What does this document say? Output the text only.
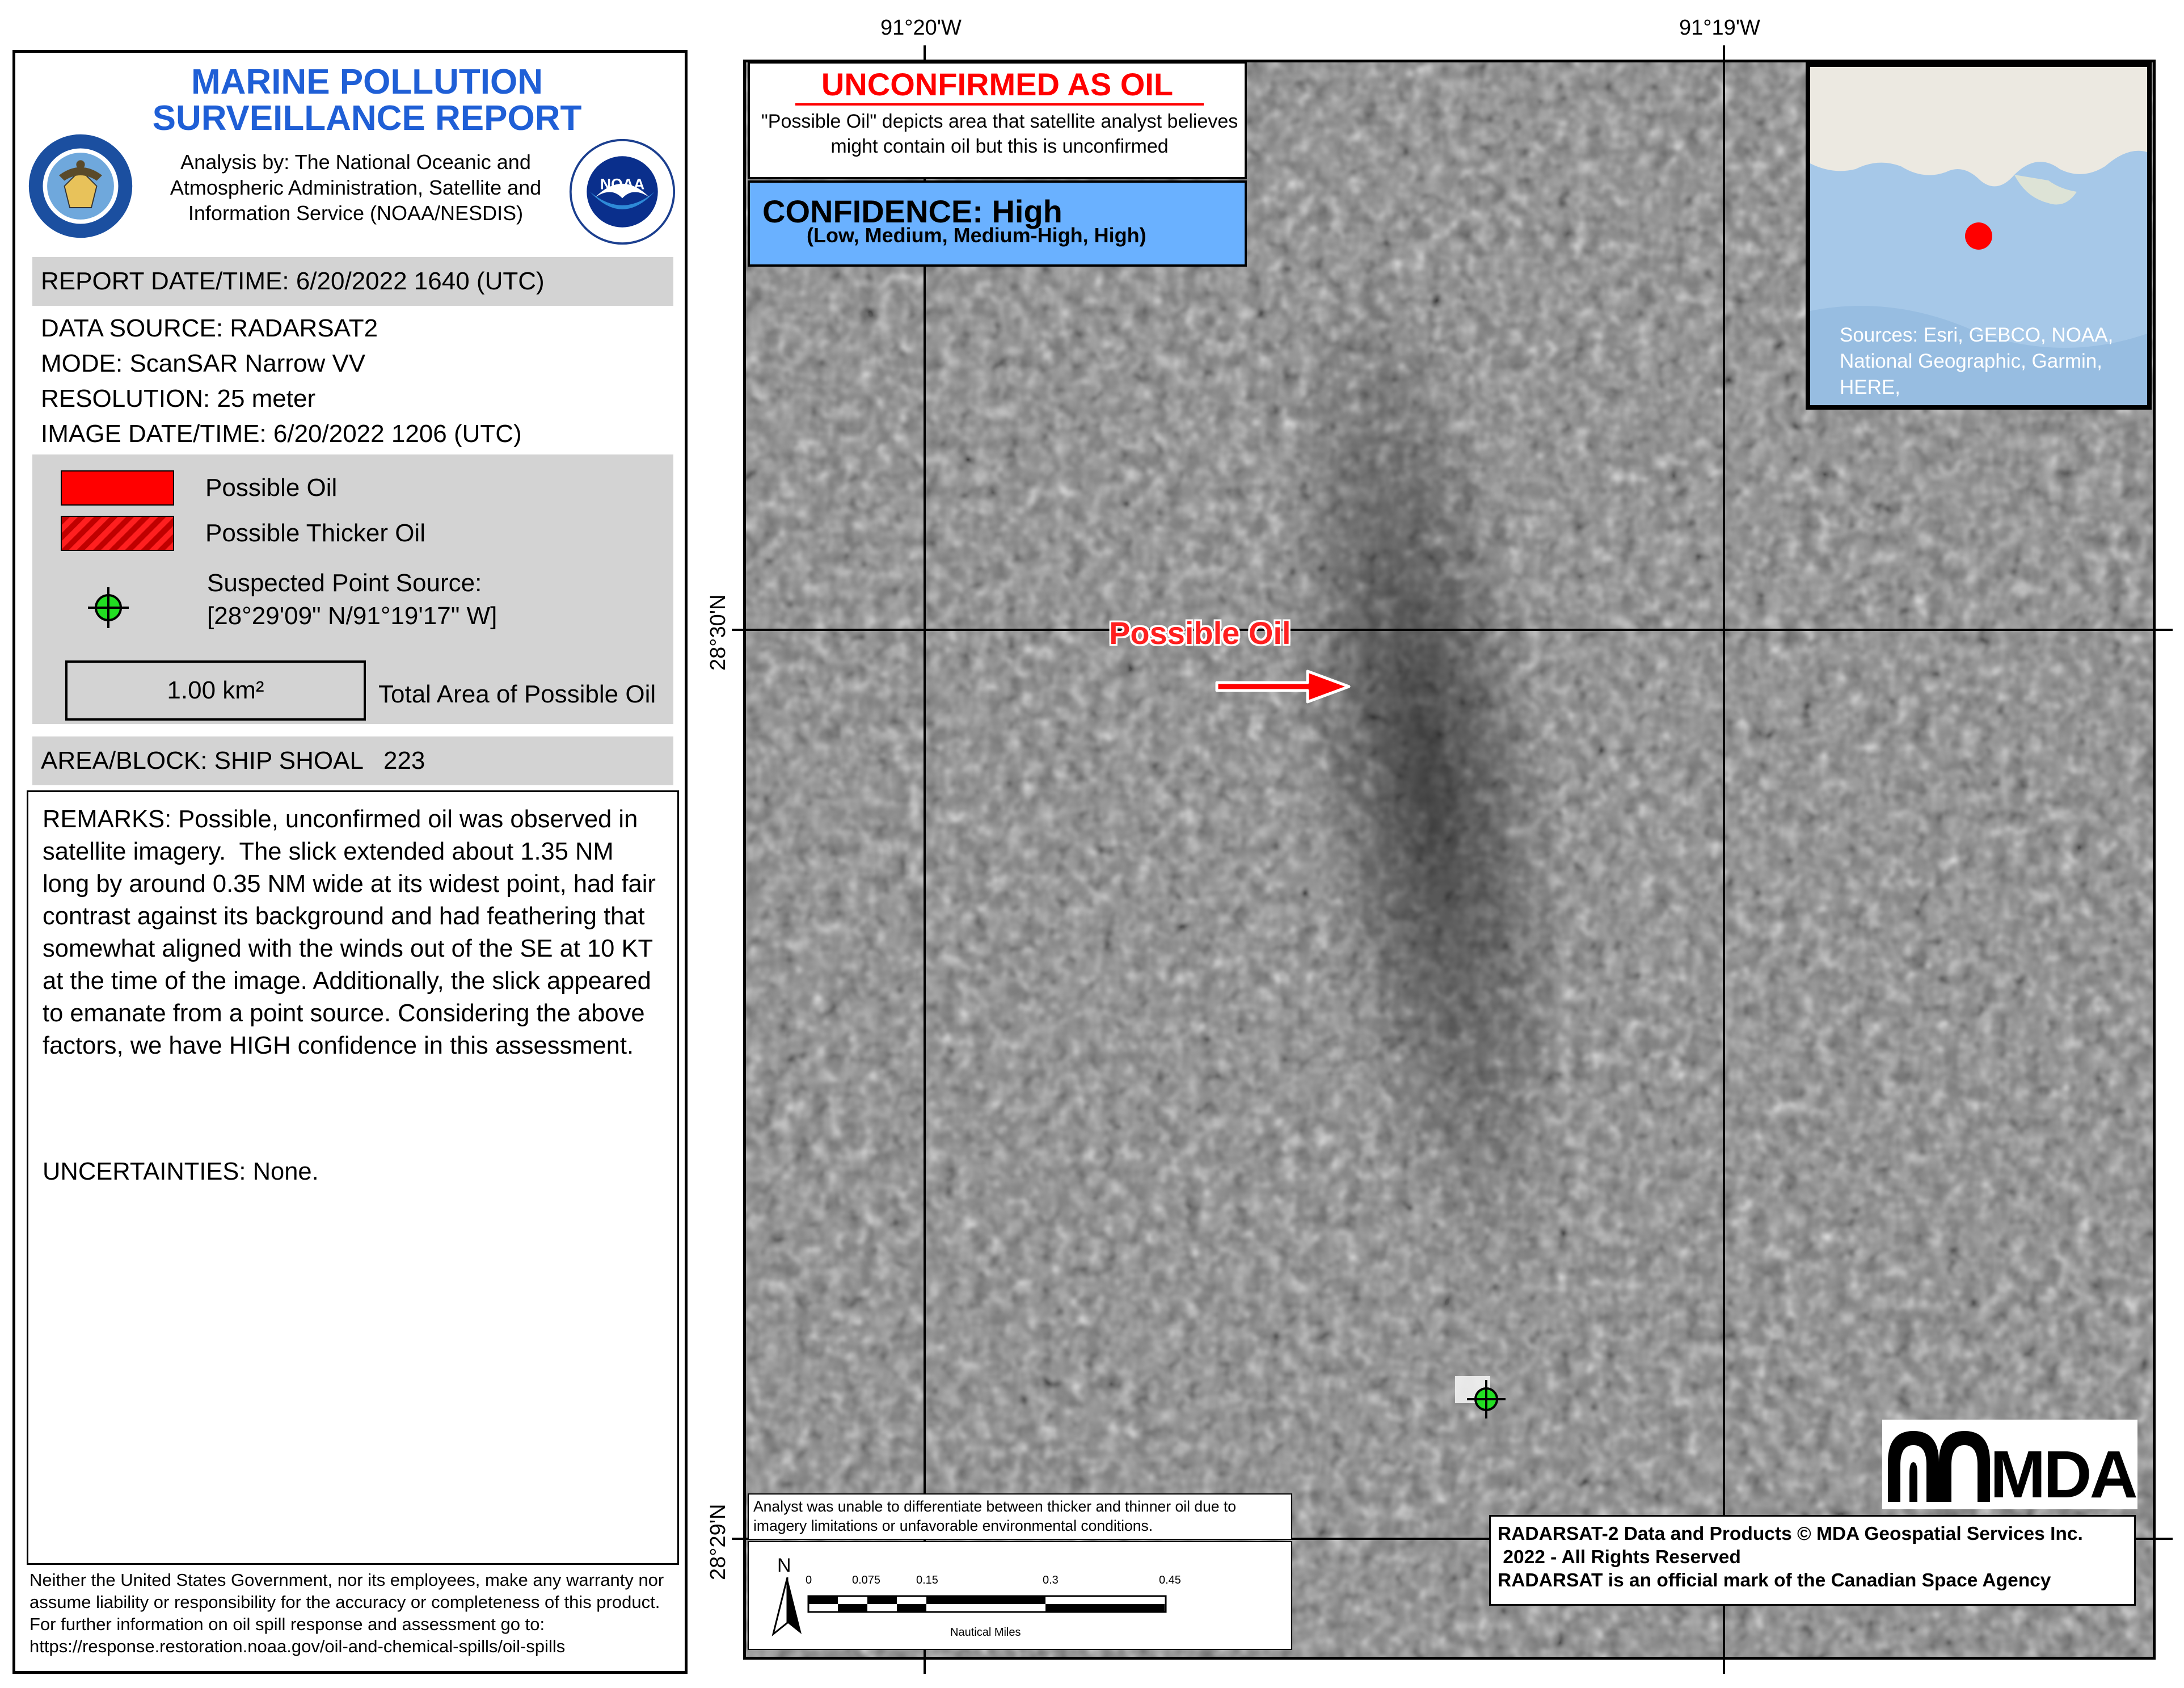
MARINE POLLUTION
SURVEILLANCE REPORT
Analysis by: The National Oceanic and Atmospheric Administration, Satellite and Information Service (NOAA/NESDIS)
NOAA
REPORT DATE/TIME: 6/20/2022 1640 (UTC)
DATA SOURCE: RADARSAT2
MODE: ScanSAR Narrow VV
RESOLUTION: 25 meter
IMAGE DATE/TIME: 6/20/2022 1206 (UTC)
Possible Oil
Possible Thicker Oil
Suspected Point Source:
[28°29'09" N/91°19'17" W]
1.00 km²	Total Area of Possible Oil
AREA/BLOCK: SHIP SHOAL   223
REMARKS: Possible, unconfirmed oil was observed in satellite imagery.  The slick extended about 1.35 NM long by around 0.35 NM wide at its widest point, had fair contrast against its background and had feathering that somewhat aligned with the winds out of the SE at 10 KT at the time of the image. Additionally, the slick appeared to emanate from a point source. Considering the above factors, we have HIGH confidence in this assessment.
UNCERTAINTIES: None.
Neither the United States Government, nor its employees, make any warranty nor assume liability or responsibility for the accuracy or completeness of this product.
For further information on oil spill response and assessment go to:
https://response.restoration.noaa.gov/oil-and-chemical-spills/oil-spills
91°20'W	91°19'W
28°30'N
28°29'N
UNCONFIRMED AS OIL
"Possible Oil" depicts area that satellite analyst believes might contain oil but this is unconfirmed
CONFIDENCE: High
(Low, Medium, Medium-High, High)
Sources: Esri, GEBCO, NOAA, National Geographic, Garmin, HERE,
Possible Oil
MDA
RADARSAT-2 Data and Products © MDA Geospatial Services Inc.
2022 - All Rights Reserved
RADARSAT is an official mark of the Canadian Space Agency
Analyst was unable to differentiate between thicker and thinner oil due to imagery limitations or unfavorable environmental conditions.
N
0	0.075	0.15	0.3	0.45
Nautical Miles
